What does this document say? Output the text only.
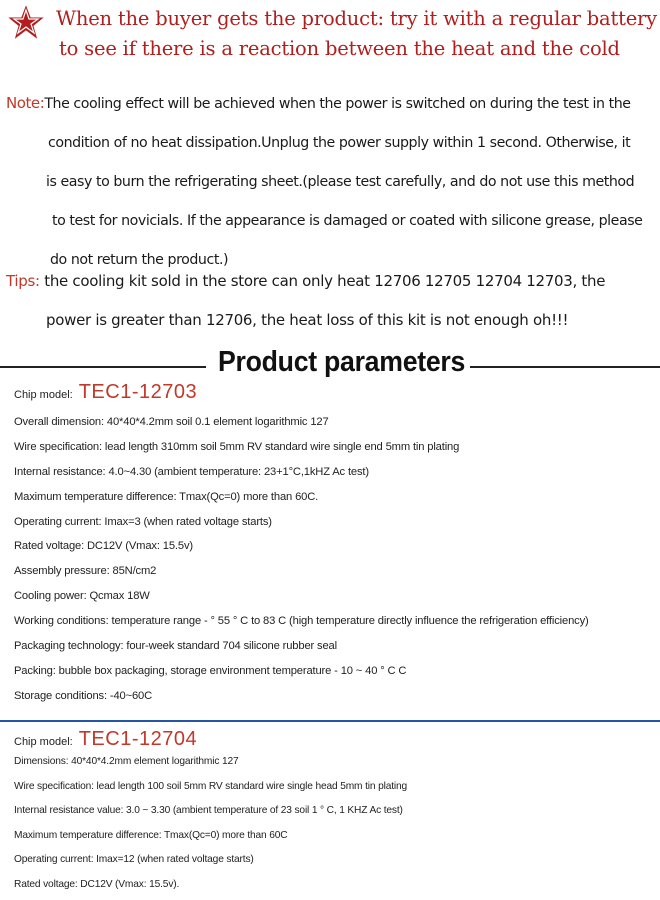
When the buyer gets the product: try it with a regular battery
to see if there is a reaction between the heat and the cold
Note:The cooling effect will be achieved when the power is switched on during the test in the
condition of no heat dissipation.Unplug the power supply within 1 second. Otherwise, it
is easy to burn the refrigerating sheet.(please test carefully, and do not use this method
to test for novicials. If the appearance is damaged or coated with silicone grease, please
do not return the product.)
Tips: the cooling kit sold in the store can only heat 12706 12705 12704 12703, the
power is greater than 12706, the heat loss of this kit is not enough oh!!!
Product parameters
Chip model: TEC1-12703
Overall dimension: 40*40*4.2mm soil 0.1 element logarithmic 127
Wire specification: lead length 310mm soil 5mm RV standard wire single end 5mm tin plating
Internal resistance: 4.0~4.30 (ambient temperature: 23+1°C,1kHZ Ac test)
Maximum temperature difference: Tmax(Qc=0) more than 60C.
Operating current: Imax=3 (when rated voltage starts)
Rated voltage: DC12V (Vmax: 15.5v)
Assembly pressure: 85N/cm2
Cooling power: Qcmax 18W
Working conditions: temperature range - ° 55 ° C to 83 C (high temperature directly influence the refrigeration efficiency)
Packaging technology: four-week standard 704 silicone rubber seal
Packing: bubble box packaging, storage environment temperature - 10 ~ 40 ° C C
Storage conditions: -40~60C
Chip model: TEC1-12704
Dimensions: 40*40*4.2mm element logarithmic 127
Wire specification: lead length 100 soil 5mm RV standard wire single head 5mm tin plating
Internal resistance value: 3.0 ~ 3.30 (ambient temperature of 23 soil 1 ° C, 1 KHZ Ac test)
Maximum temperature difference: Tmax(Qc=0) more than 60C
Operating current: Imax=12 (when rated voltage starts)
Rated voltage: DC12V (Vmax: 15.5v).
